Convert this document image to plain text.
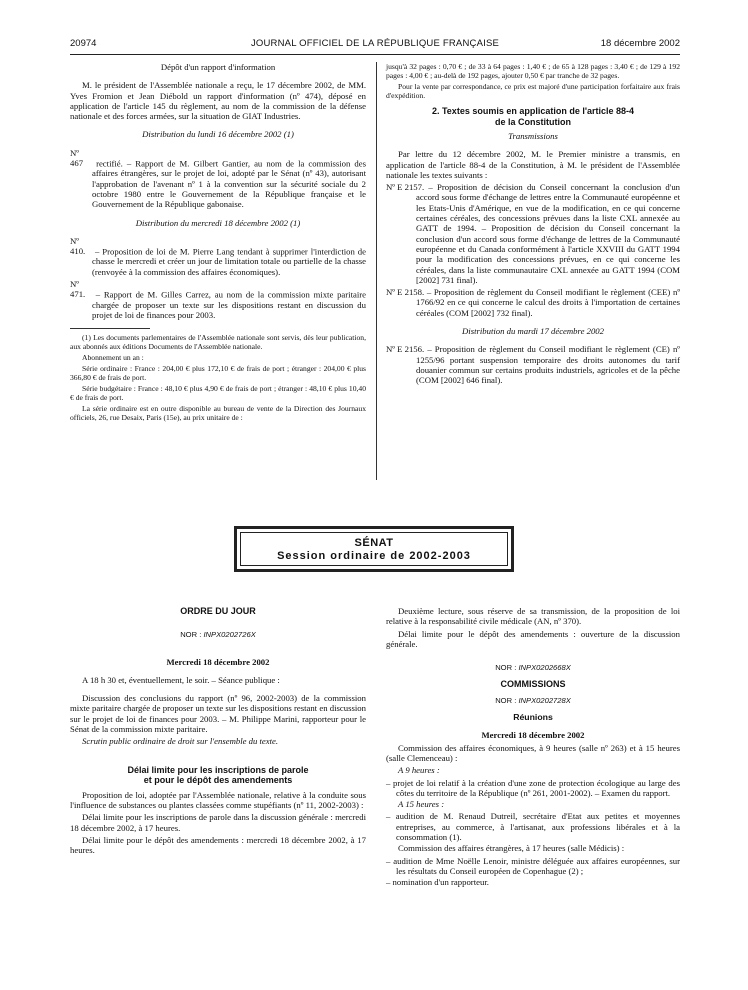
20974	JOURNAL OFFICIEL DE LA RÉPUBLIQUE FRANÇAISE	18 décembre 2002

Dépôt d'un rapport d'information

M. le président de l'Assemblée nationale a reçu, le 17 décembre 2002, de MM. Yves Fromion et Jean Diébold un rapport d'information (nº 474), déposé en application de l'article 145 du règlement, au nom de la commission de la défense nationale et des forces armées, sur la situation de GIAT Industries.

Distribution du lundi 16 décembre 2002 (1)

Nº 467 rectifié. – Rapport de M. Gilbert Gantier, au nom de la commission des affaires étrangères, sur le projet de loi, adopté par le Sénat (nº 43), autorisant l'approbation de l'avenant nº 1 à la convention sur la sécurité sociale du 2 octobre 1980 entre le Gouvernement de la République française et le Gouvernement de la République gabonaise.

Distribution du mercredi 18 décembre 2002 (1)

Nº 410. – Proposition de loi de M. Pierre Lang tendant à supprimer l'interdiction de chasse le mercredi et créer un jour de limitation totale ou partielle de la chasse (renvoyée à la commission des affaires économiques).

Nº 471. – Rapport de M. Gilles Carrez, au nom de la commission mixte paritaire chargée de proposer un texte sur les dispositions restant en discussion du projet de loi de finances pour 2003.

(1) Les documents parlementaires de l'Assemblée nationale sont servis, dès leur publication, aux abonnés aux éditions Documents de l'Assemblée nationale.

Abonnement un an :

Série ordinaire : France : 204,00 € plus 172,10 € de frais de port ; étranger : 204,00 € plus 366,80 € de frais de port.

Série budgétaire : France : 48,10 € plus 4,90 € de frais de port ; étranger : 48,10 € plus 10,40 € de frais de port.

La série ordinaire est en outre disponible au bureau de vente de la Direction des Journaux officiels, 26, rue Desaix, Paris (15e), au prix unitaire de :

jusqu'à 32 pages : 0,70 € ; de 33 à 64 pages : 1,40 € ; de 65 à 128 pages : 3,40 € ; de 129 à 192 pages : 4,00 € ; au-delà de 192 pages, ajouter 0,50 € par tranche de 32 pages.

Pour la vente par correspondance, ce prix est majoré d'une participation forfaitaire aux frais d'expédition.

2. Textes soumis en application de l'article 88-4
de la Constitution

Transmissions

Par lettre du 12 décembre 2002, M. le Premier ministre a transmis, en application de l'article 88-4 de la Constitution, à M. le président de l'Assemblée nationale les textes suivants :

Nº E 2157. – Proposition de décision du Conseil concernant la conclusion d'un accord sous forme d'échange de lettres entre la Communauté européenne et les Etats-Unis d'Amérique, en vue de la modification, en ce qui concerne certaines céréales, des concessions prévues dans la liste CXL annexée au GATT de 1994. – Proposition de décision du Conseil concernant la conclusion d'un accord sous forme d'échange de lettres de la Communauté européenne et du Canada conformément à l'article XXVIII du GATT 1994 pour la modification des concessions prévues, en ce qui concerne les céréales, dans la liste communautaire CXL annexée au GATT 1994 (COM [2002] 731 final).

Nº E 2158. – Proposition de règlement du Conseil modifiant le règlement (CEE) nº 1766/92 en ce qui concerne le calcul des droits à l'importation de certaines céréales (COM [2002] 732 final).

Distribution du mardi 17 décembre 2002

Nº E 2156. – Proposition de règlement du Conseil modifiant le règlement (CE) nº 1255/96 portant suspension temporaire des droits autonomes du tarif douanier commun sur certains produits industriels, agricoles et de la pêche (COM [2002] 646 final).

SÉNAT
Session ordinaire de 2002-2003

ORDRE DU JOUR

NOR : INPX0202726X

Mercredi 18 décembre 2002

A 18 h 30 et, éventuellement, le soir. – Séance publique :

Discussion des conclusions du rapport (nº 96, 2002-2003) de la commission mixte paritaire chargée de proposer un texte sur les dispositions restant en discussion sur le projet de loi de finances pour 2003. – M. Philippe Marini, rapporteur pour le Sénat de la commission mixte paritaire.

Scrutin public ordinaire de droit sur l'ensemble du texte.

Délai limite pour les inscriptions de parole
et pour le dépôt des amendements

Proposition de loi, adoptée par l'Assemblée nationale, relative à la conduite sous l'influence de substances ou plantes classées comme stupéfiants (nº 11, 2002-2003) :

Délai limite pour les inscriptions de parole dans la discussion générale : mercredi 18 décembre 2002, à 17 heures.

Délai limite pour le dépôt des amendements : mercredi 18 décembre 2002, à 17 heures.

Deuxième lecture, sous réserve de sa transmission, de la proposition de loi relative à la responsabilité civile médicale (AN, nº 370).

Délai limite pour le dépôt des amendements : ouverture de la discussion générale.

NOR : INPX0202668X

COMMISSIONS

NOR : INPX0202728X

Réunions

Mercredi 18 décembre 2002

Commission des affaires économiques, à 9 heures (salle nº 263) et à 15 heures (salle Clemenceau) :

A 9 heures :

– projet de loi relatif à la création d'une zone de protection écologique au large des côtes du territoire de la République (nº 261, 2001-2002). – Examen du rapport.

A 15 heures :

– audition de M. Renaud Dutreil, secrétaire d'Etat aux petites et moyennes entreprises, au commerce, à l'artisanat, aux professions libérales et à la consommation (1).

Commission des affaires étrangères, à 17 heures (salle Médicis) :

– audition de Mme Noëlle Lenoir, ministre déléguée aux affaires européennes, sur les résultats du Conseil européen de Copenhague (2) ;

– nomination d'un rapporteur.
